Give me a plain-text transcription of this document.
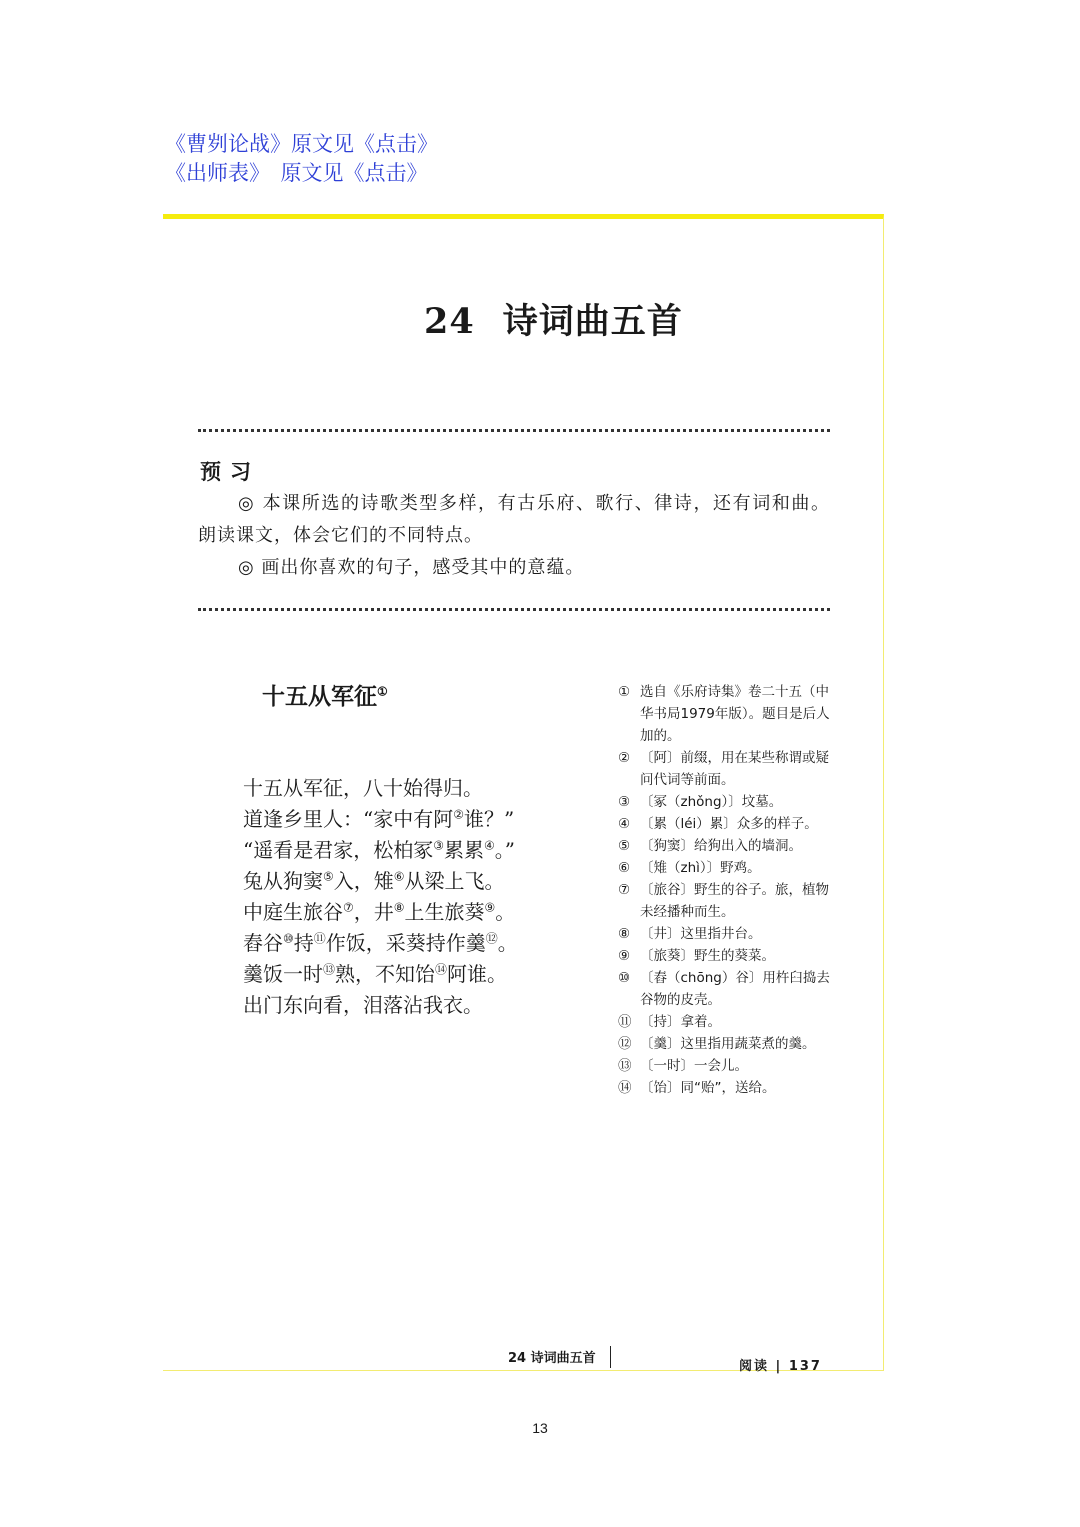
《曹刿论战》原文见《点击》
《出师表》　 原文见《点击》
24 诗词曲五首
预习

◎ 本课所选的诗歌类型多样，有古乐府、歌行、律诗，还有词和曲。朗读课文，体会它们的不同特点。

◎ 画出你喜欢的句子，感受其中的意蕴。

十五从军征①
十五从军征，八十始得归。
道逢乡里人：“家中有阿②谁？”
“遥看是君家，松柏冢③累累④。”
兔从狗窦⑤入，雉⑥从梁上飞。
中庭生旅谷⑦，井⑧上生旅葵⑨。
舂谷⑩持⑪作饭，采葵持作羹⑫。
羹饭一时⑬熟，不知饴⑭阿谁。
出门东向看，泪落沾我衣。
① 选自《乐府诗集》卷二十五（中华书局1979年版）。题目是后人加的。
② 〔阿〕前缀，用在某些称谓或疑问代词等前面。
③ 〔冢（zhǒng）〕坟墓。
④ 〔累（léi）累〕众多的样子。
⑤ 〔狗窦〕给狗出入的墙洞。
⑥ 〔雉（zhì）〕野鸡。
⑦ 〔旅谷〕野生的谷子。旅，植物未经播种而生。
⑧ 〔井〕这里指井台。
⑨ 〔旅葵〕野生的葵菜。
⑩ 〔舂（chōng）谷〕用杵臼捣去谷物的皮壳。
⑪ 〔持〕拿着。
⑫ 〔羹〕这里指用蔬菜煮的羹。
⑬ 〔一时〕一会儿。
⑭ 〔饴〕同“贻”，送给。
24 诗词曲五首
阅读 | 137
13
